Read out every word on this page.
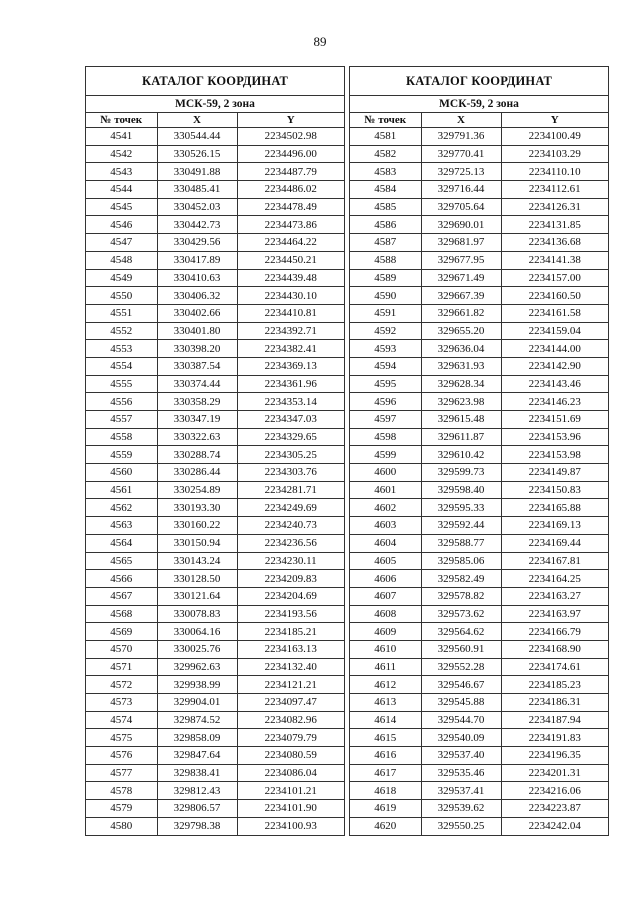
89
КАТАЛОГ КООРДИНАТ
МСК-59, 2 зона
№ точек	X	Y
4541	330544.44	2234502.98
4542	330526.15	2234496.00
4543	330491.88	2234487.79
4544	330485.41	2234486.02
4545	330452.03	2234478.49
4546	330442.73	2234473.86
4547	330429.56	2234464.22
4548	330417.89	2234450.21
4549	330410.63	2234439.48
4550	330406.32	2234430.10
4551	330402.66	2234410.81
4552	330401.80	2234392.71
4553	330398.20	2234382.41
4554	330387.54	2234369.13
4555	330374.44	2234361.96
4556	330358.29	2234353.14
4557	330347.19	2234347.03
4558	330322.63	2234329.65
4559	330288.74	2234305.25
4560	330286.44	2234303.76
4561	330254.89	2234281.71
4562	330193.30	2234249.69
4563	330160.22	2234240.73
4564	330150.94	2234236.56
4565	330143.24	2234230.11
4566	330128.50	2234209.83
4567	330121.64	2234204.69
4568	330078.83	2234193.56
4569	330064.16	2234185.21
4570	330025.76	2234163.13
4571	329962.63	2234132.40
4572	329938.99	2234121.21
4573	329904.01	2234097.47
4574	329874.52	2234082.96
4575	329858.09	2234079.79
4576	329847.64	2234080.59
4577	329838.41	2234086.04
4578	329812.43	2234101.21
4579	329806.57	2234101.90
4580	329798.38	2234100.93
КАТАЛОГ КООРДИНАТ
МСК-59, 2 зона
№ точек	X	Y
4581	329791.36	2234100.49
4582	329770.41	2234103.29
4583	329725.13	2234110.10
4584	329716.44	2234112.61
4585	329705.64	2234126.31
4586	329690.01	2234131.85
4587	329681.97	2234136.68
4588	329677.95	2234141.38
4589	329671.49	2234157.00
4590	329667.39	2234160.50
4591	329661.82	2234161.58
4592	329655.20	2234159.04
4593	329636.04	2234144.00
4594	329631.93	2234142.90
4595	329628.34	2234143.46
4596	329623.98	2234146.23
4597	329615.48	2234151.69
4598	329611.87	2234153.96
4599	329610.42	2234153.98
4600	329599.73	2234149.87
4601	329598.40	2234150.83
4602	329595.33	2234165.88
4603	329592.44	2234169.13
4604	329588.77	2234169.44
4605	329585.06	2234167.81
4606	329582.49	2234164.25
4607	329578.82	2234163.27
4608	329573.62	2234163.97
4609	329564.62	2234166.79
4610	329560.91	2234168.90
4611	329552.28	2234174.61
4612	329546.67	2234185.23
4613	329545.88	2234186.31
4614	329544.70	2234187.94
4615	329540.09	2234191.83
4616	329537.40	2234196.35
4617	329535.46	2234201.31
4618	329537.41	2234216.06
4619	329539.62	2234223.87
4620	329550.25	2234242.04
